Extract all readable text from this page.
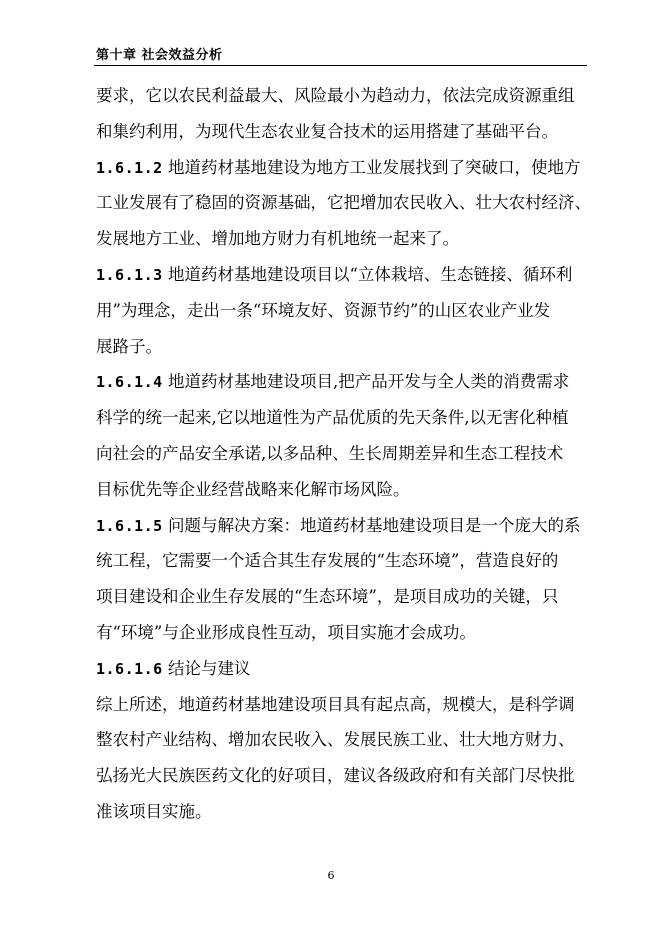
第十章 社会效益分析
要求，它以农民利益最大、风险最小为趋动力，依法完成资源重组
和集约利用，为现代生态农业复合技术的运用搭建了基础平台。
1.6.1.2 地道药材基地建设为地方工业发展找到了突破口，使地方
工业发展有了稳固的资源基础，它把增加农民收入、壮大农村经济、
发展地方工业、增加地方财力有机地统一起来了。
1.6.1.3 地道药材基地建设项目以“立体栽培、生态链接、循环利
用”为理念，走出一条“环境友好、资源节约”的山区农业产业发
展路子。
1.6.1.4 地道药材基地建设项目,把产品开发与全人类的消费需求
科学的统一起来,它以地道性为产品优质的先天条件,以无害化种植
向社会的产品安全承诺,以多品种、生长周期差异和生态工程技术
目标优先等企业经营战略来化解市场风险。
1.6.1.5 问题与解决方案：地道药材基地建设项目是一个庞大的系
统工程，它需要一个适合其生存发展的“生态环境”，营造良好的
项目建设和企业生存发展的“生态环境”，是项目成功的关键，只
有“环境”与企业形成良性互动，项目实施才会成功。
1.6.1.6 结论与建议
综上所述，地道药材基地建设项目具有起点高，规模大，是科学调
整农村产业结构、增加农民收入、发展民族工业、壮大地方财力、
弘扬光大民族医药文化的好项目，建议各级政府和有关部门尽快批
准该项目实施。
6
